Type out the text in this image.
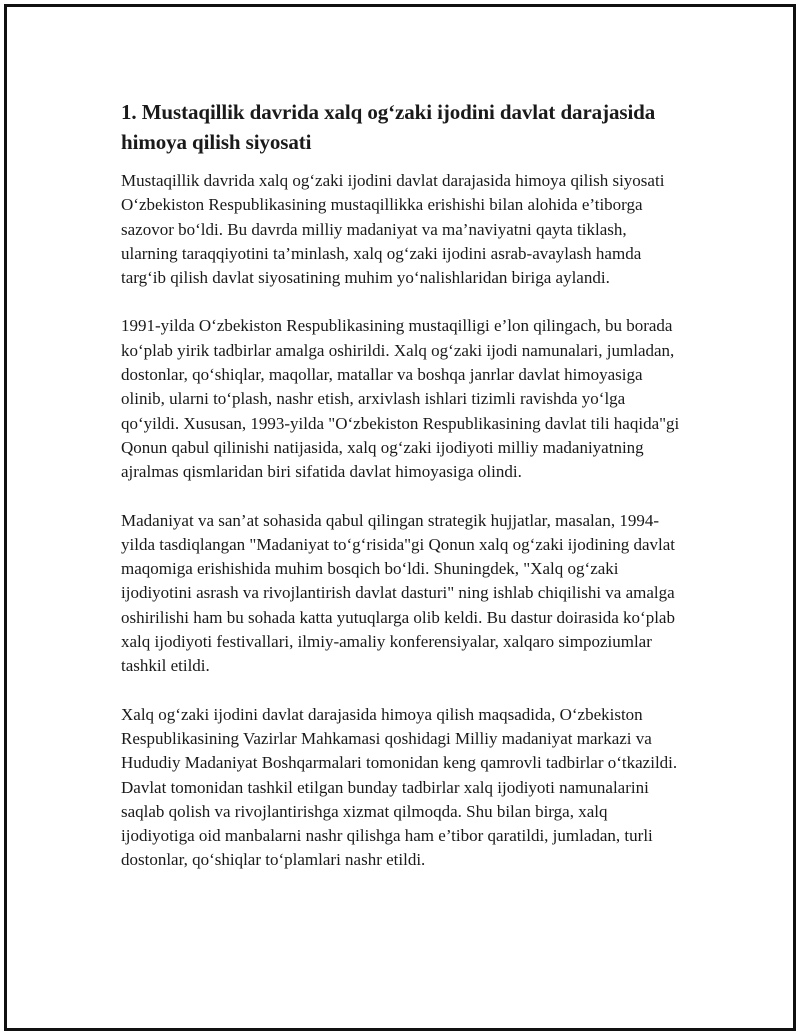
1. Mustaqillik davrida xalq og‘zaki ijodini davlat darajasida himoya qilish siyosati

Mustaqillik davrida xalq og‘zaki ijodini davlat darajasida himoya qilish siyosati O‘zbekiston Respublikasining mustaqillikka erishishi bilan alohida e’tiborga sazovor bo‘ldi. Bu davrda milliy madaniyat va ma’naviyatni qayta tiklash, ularning taraqqiyotini ta’minlash, xalq og‘zaki ijodini asrab-avaylash hamda targ‘ib qilish davlat siyosatining muhim yo‘nalishlaridan biriga aylandi.

1991-yilda O‘zbekiston Respublikasining mustaqilligi e’lon qilingach, bu borada ko‘plab yirik tadbirlar amalga oshirildi. Xalq og‘zaki ijodi namunalari, jumladan, dostonlar, qo‘shiqlar, maqollar, matallar va boshqa janrlar davlat himoyasiga olinib, ularni to‘plash, nashr etish, arxivlash ishlari tizimli ravishda yo‘lga qo‘yildi. Xususan, 1993-yilda "O‘zbekiston Respublikasining davlat tili haqida"gi Qonun qabul qilinishi natijasida, xalq og‘zaki ijodiyoti milliy madaniyatning ajralmas qismlaridan biri sifatida davlat himoyasiga olindi.

Madaniyat va san’at sohasida qabul qilingan strategik hujjatlar, masalan, 1994-yilda tasdiqlangan "Madaniyat to‘g‘risida"gi Qonun xalq og‘zaki ijodining davlat maqomiga erishishida muhim bosqich bo‘ldi. Shuningdek, "Xalq og‘zaki ijodiyotini asrash va rivojlantirish davlat dasturi" ning ishlab chiqilishi va amalga oshirilishi ham bu sohada katta yutuqlarga olib keldi. Bu dastur doirasida ko‘plab xalq ijodiyoti festivallari, ilmiy-amaliy konferensiyalar, xalqaro simpoziumlar tashkil etildi.

Xalq og‘zaki ijodini davlat darajasida himoya qilish maqsadida, O‘zbekiston Respublikasining Vazirlar Mahkamasi qoshidagi Milliy madaniyat markazi va Hududiy Madaniyat Boshqarmalari tomonidan keng qamrovli tadbirlar o‘tkazildi. Davlat tomonidan tashkil etilgan bunday tadbirlar xalq ijodiyoti namunalarini saqlab qolish va rivojlantirishga xizmat qilmoqda. Shu bilan birga, xalq ijodiyotiga oid manbalarni nashr qilishga ham e’tibor qaratildi, jumladan, turli dostonlar, qo‘shiqlar to‘plamlari nashr etildi.
